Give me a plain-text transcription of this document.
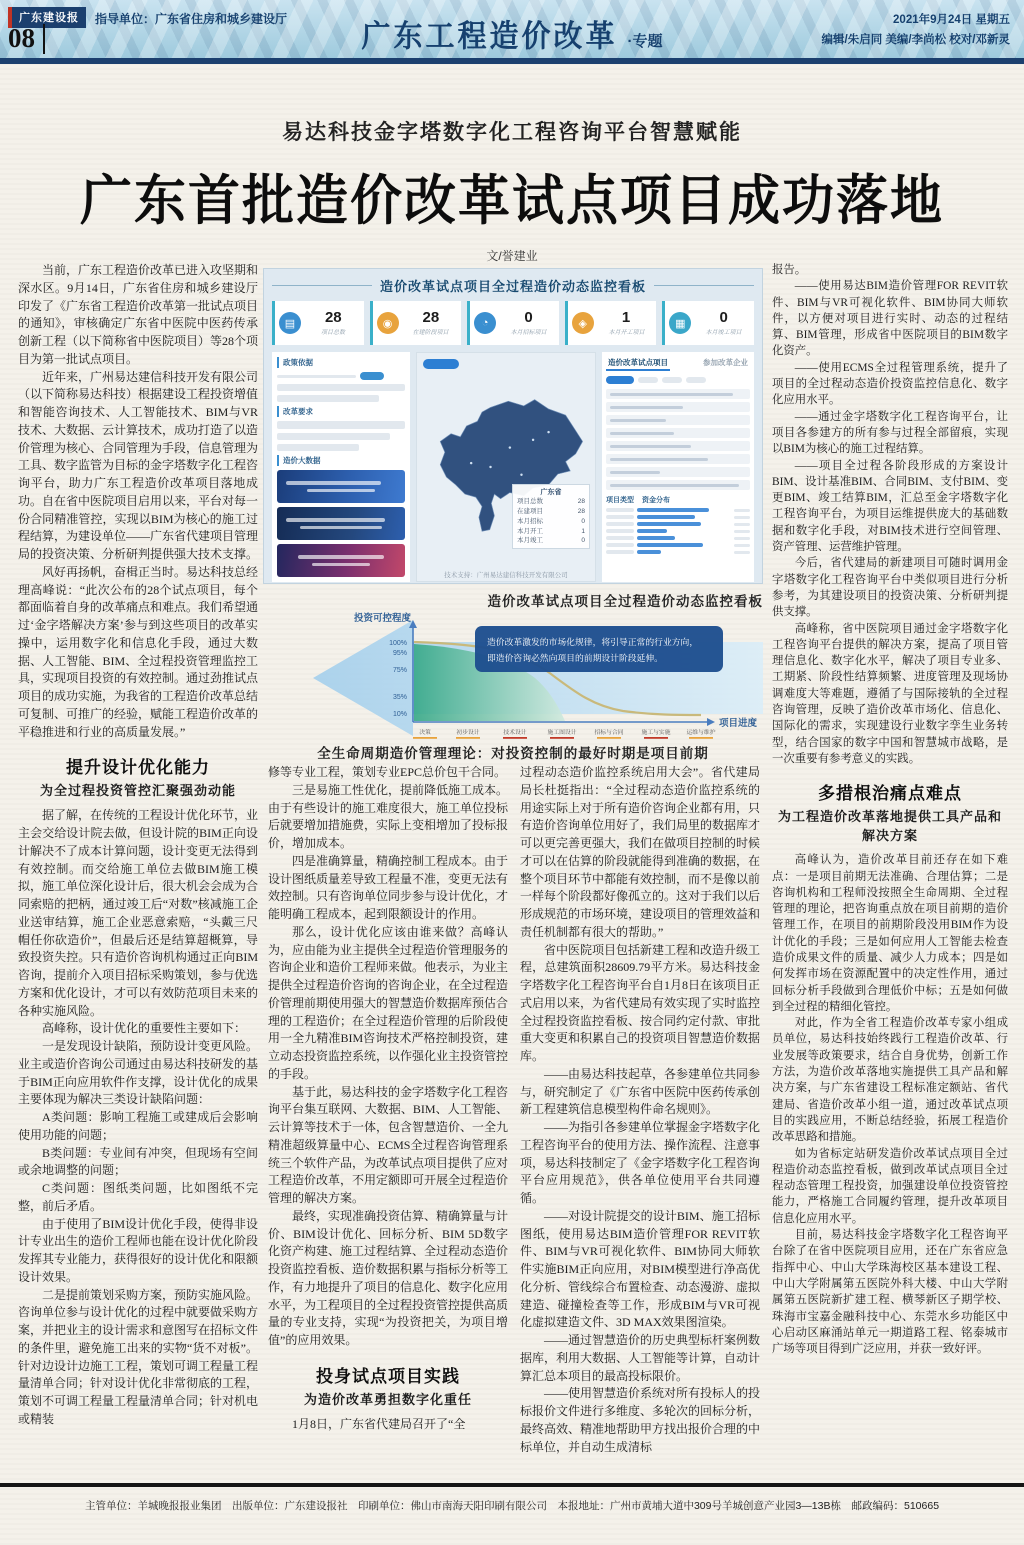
广东建设报	指导单位：广东省住房和城乡建设厅
08	广东工程造价改革 ·专题
2021年9月24日 星期五
编辑/朱启同 美编/李尚松 校对/邓新灵
易达科技金字塔数字化工程咨询平台智慧赋能
广东首批造价改革试点项目成功落地
文/誉建业

当前，广东工程造价改革已进入攻坚期和深水区。9月14日，广东省住房和城乡建设厅印发了《广东省工程造价改革第一批试点项目的通知》，审核确定广东省中医院中医药传承创新工程（以下简称省中医院项目）等28个项目为第一批试点项目。

近年来，广州易达建信科技开发有限公司（以下简称易达科技）根据建设工程投资增值和智能咨询技术、人工智能技术、BIM与VR技术、大数据、云计算技术，成功打造了以造价管理为核心、合同管理为手段，信息管理为工具、数字监管为目标的金字塔数字化工程咨询平台，助力广东工程造价改革项目落地成功。自在省中医院项目启用以来，平台对每一份合同精准管控，实现以BIM为核心的施工过程结算，为建设单位——广东省代建项目管理局的投资决策、分析研判提供强大技术支撑。

风好再扬帆，奋楫正当时。易达科技总经理高峰说：“此次公布的28个试点项目，每个都面临着自身的改革痛点和难点。我们希望通过‘金字塔解决方案’参与到这些项目的改革实操中，运用数字化和信息化手段，通过大数据、人工智能、BIM、全过程投资管理监控工具，实现项目投资的有效控制。通过劲推试点项目的成功实施，为我省的工程造价改革总结可复制、可推广的经验，赋能工程造价改革的平稳推进和行业的高质量发展。”

提升设计优化能力
为全过程投资管控汇聚强劲动能

据了解，在传统的工程设计优化环节，业主会交给设计院去做，但设计院的BIM正向设计解决不了成本计算问题，设计变更无法得到有效控制。而交给施工单位去做BIM施工模拟，施工单位深化设计后，很大机会会成为合同索赔的把柄，通过竣工后“对数”核减施工企业送审结算，施工企业恶意索赔，“头戴三尺帽任你砍造价”，但最后还是结算超概算，导致投资失控。只有造价咨询机构通过正向BIM咨询，提前介入项目招标采购策划，参与优选方案和优化设计，才可以有效防范项目未来的各种实施风险。

高峰称，设计优化的重要性主要如下：

一是发现设计缺陷，预防设计变更风险。业主或造价咨询公司通过由易达科技研发的基于BIM正向应用软件作支撑，设计优化的成果主要体现为解决三类设计缺陷问题：

A类问题：影响工程施工或建成后会影响使用功能的问题；

B类问题：专业间有冲突，但现场有空间或余地调整的问题；

C类问题：图纸类问题，比如图纸不完整，前后矛盾。

由于使用了BIM设计优化手段，使得非设计专业出生的造价工程师也能在设计优化阶段发挥其专业能力，获得很好的设计优化和限额设计效果。

二是提前策划采购方案，预防实施风险。咨询单位参与设计优化的过程中就要做采购方案，并把业主的设计需求和意图写在招标文件的条件里，避免施工出来的实物“货不对板”。针对边设计边施工工程，策划可调工程量工程量清单合同；针对设计优化非常彻底的工程，策划不可调工程量工程量清单合同；针对机电或精装

修等专业工程，策划专业EPC总价包干合同。

三是易施工性优化，提前降低施工成本。由于有些设计的施工难度很大，施工单位投标后就要增加措施费，实际上变相增加了投标报价，增加成本。

四是准确算量，精确控制工程成本。由于设计图纸质量差导致工程量不准，变更无法有效控制。只有咨询单位同步参与设计优化，才能明确工程成本，起到限额设计的作用。

那么，设计优化应该由谁来做？高峰认为，应由能为业主提供全过程造价管理服务的咨询企业和造价工程师来做。他表示，为业主提供全过程造价咨询的咨询企业，在全过程造价管理前期使用强大的智慧造价数据库预估合理的工程造价；在全过程造价管理的后阶段使用一全九精准BIM咨询技术严格控制投资，建立动态投资监控系统，以作强化业主投资管控的手段。

基于此，易达科技的金字塔数字化工程咨询平台集互联网、大数据、BIM、人工智能、云计算等技术于一体，包含智慧造价、一全九精准超级算量中心、ECMS全过程咨询管理系统三个软件产品，为改革试点项目提供了应对工程造价改革，不用定额即可开展全过程造价管理的解决方案。

最终，实现准确投资估算、精确算量与计价、BIM设计优化、回标分析、BIM 5D数字化资产构建、施工过程结算、全过程动态造价投资监控看板、造价数据积累与指标分析等工作，有力地提升了项目的信息化、数字化应用水平，为工程项目的全过程投资管控提供高质量的专业支持，实现“为投资把关，为项目增值”的应用效果。

投身试点项目实践
为造价改革勇担数字化重任

1月8日，广东省代建局召开了“全

过程动态造价监控系统启用大会”。省代建局局长杜挺指出：“全过程动态造价监控系统的用途实际上对于所有造价咨询企业都有用，只有造价咨询单位用好了，我们局里的数据库才可以更完善更强大，我们在做项目控制的时候才可以在估算的阶段就能得到准确的数据，在整个项目环节中都能有效控制，而不是像以前一样每个阶段都好像孤立的。这对于我们以后形成规范的市场环境，建设项目的管理效益和责任机制都有很大的帮助。”

省中医院项目包括新建工程和改造升级工程，总建筑面积28609.79平方米。易达科技金字塔数字化工程咨询平台自1月8日在该项目正式启用以来，为省代建局有效实现了实时监控全过程投资监控看板、按合同约定付款、审批重大变更和积累自己的投资项目智慧造价数据库。

——由易达科技起草，各参建单位共同参与，研究制定了《广东省中医院中医药传承创新工程建筑信息模型构件命名规则》。

——为指引各参建单位掌握金字塔数字化工程咨询平台的使用方法、操作流程、注意事项，易达科技制定了《金字塔数字化工程咨询平台应用规范》，供各单位使用平台共同遵循。

——对设计院提交的设计BIM、施工招标图纸，使用易达BIM造价管理FOR REVIT软件、BIM与VR可视化软件、BIM协同大师软件实施BIM正向应用，对BIM模型进行净高优化分析、管线综合布置检查、动态漫游、虚拟建造、碰撞检查等工作，形成BIM与VR可视化虚拟建造文件、3D MAX效果图渲染。

——通过智慧造价的历史典型标杆案例数据库，利用大数据、人工智能等计算，自动计算汇总本项目的最高投标限价。

——使用智慧造价系统对所有投标人的投标报价文件进行多维度、多轮次的回标分析，最终高效、精准地帮助甲方找出报价合理的中标单位，并自动生成清标

报告。

——使用易达BIM造价管理FOR REVIT软件、BIM与VR可视化软件、BIM协同大师软件，以方便对项目进行实时、动态的过程结算、BIM管理，形成省中医院项目的BIM数字化资产。

——使用ECMS全过程管理系统，提升了项目的全过程动态造价投资监控信息化、数字化应用水平。

——通过金字塔数字化工程咨询平台，让项目各参建方的所有参与过程全部留痕，实现以BIM为核心的施工过程结算。

——项目全过程各阶段形成的方案设计BIM、设计基准BIM、合同BIM、支付BIM、变更BIM、竣工结算BIM，汇总至金字塔数字化工程咨询平台，为项目运维提供庞大的基础数据和数字化手段，对BIM技术进行空间管理、资产管理、运营维护管理。

今后，省代建局的新建项目可随时调用金字塔数字化工程咨询平台中类似项目进行分析参考，为其建设项目的投资决策、分析研判提供支撑。

高峰称，省中医院项目通过金字塔数字化工程咨询平台提供的解决方案，提高了项目管理信息化、数字化水平，解决了项目专业多、工期紧、阶段性结算频繁、进度管理及现场协调难度大等难题，遵循了与国际接轨的全过程咨询管理，反映了造价改革市场化、信息化、国际化的需求，实现建设行业数字孪生业务转型，结合国家的数字中国和智慧城市战略，是一次重要有参考意义的实践。

多措根治痛点难点
为工程造价改革落地提供工具产品和解决方案

高峰认为，造价改革目前还存在如下难点：一是项目前期无法准确、合理估算；二是咨询机构和工程师没按照全生命周期、全过程管理的理论，把咨询重点放在项目前期的造价管理工作，在项目的前期阶段没用BIM作为设计优化的手段；三是如何应用人工智能去检查造价成果文件的质量、减少人力成本；四是如何发挥市场在资源配置中的决定性作用，通过回标分析手段做到合理低价中标；五是如何做到全过程的精细化管控。

对此，作为全省工程造价改革专家小组成员单位，易达科技始终践行工程造价改革、行业发展等政策要求，结合自身优势，创新工作方法，为造价改革落地实施提供工具产品和解决方案，与广东省建设工程标准定额站、省代建局、省造价改革小组一道，通过改革试点项目的实践应用，不断总结经验，拓展工程造价改革思路和措施。

如为省标定站研发造价改革试点项目全过程造价动态监控看板，做到改革试点项目全过程动态管理工程投资，加强建设单位投资管控能力，严格施工合同履约管理，提升改革项目信息化应用水平。

目前，易达科技金字塔数字化工程咨询平台除了在省中医院项目应用，还在广东省应急指挥中心、中山大学珠海校区基本建设工程、中山大学附属第五医院外科大楼、中山大学附属第五医院新扩建工程、横琴新区子期学校、珠海市宝嘉金融科技中心、东莞水乡功能区中心启动区麻涌站单元一期道路工程、铭泰城市广场等项目得到广泛应用，并获一致好评。

造价改革试点项目全过程造价动态监控看板
▤	28
项目总数
◉	28
在建阶段项目
◔	0
本月招标项目
◈	1
本月开工项目
▦	0
本月竣工项目
政策依据
改革要求
造价大数据
广东省
项目总数	28
在建项目	28
本月招标	0
本月开工	1
本月竣工	0
技术支持：广州易达建信科技开发有限公司
造价改革试点项目	参加改革企业
项目类型 资金分布
造价改革试点项目全过程造价动态监控看板
投资可控程度
项目进度
100%
95%
75%
35%
10%
造价改革激发的市场化规律，将引导正常的行业方向，
即造价咨询必然向项目的前期设计阶段延伸。
决策	初步设计	技术设计	施工图设计	招标与合同	施工与实施	运维与维护
全生命周期造价管理理论：对投资控制的最好时期是项目前期
主管单位：羊城晚报报业集团　出版单位：广东建设报社　印刷单位：佛山市南海天阳印刷有限公司　本报地址：广州市黄埔大道中309号羊城创意产业园3—13B栋　邮政编码：510665
